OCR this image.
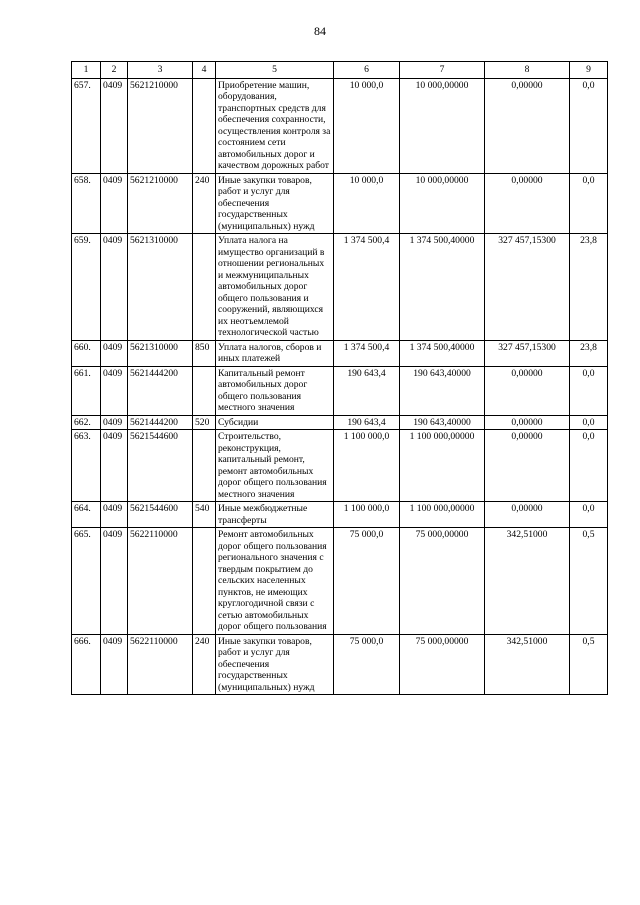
84
1	2	3	4	5	6	7	8	9
657.	0409	5621210000		Приобретение машин, оборудования, транспортных средств для обеспечения сохранности, осуществления контроля за состоянием сети автомобильных дорог и качеством дорожных работ	10 000,0	10 000,00000	0,00000	0,0
658.	0409	5621210000	240	Иные закупки товаров, работ и услуг для обеспечения государственных (муниципальных) нужд	10 000,0	10 000,00000	0,00000	0,0
659.	0409	5621310000		Уплата налога на имущество организаций в отношении региональных и межмуниципальных автомобильных дорог общего пользования и сооружений, являющихся их неотъемлемой технологической частью	1 374 500,4	1 374 500,40000	327 457,15300	23,8
660.	0409	5621310000	850	Уплата налогов, сборов и иных платежей	1 374 500,4	1 374 500,40000	327 457,15300	23,8
661.	0409	5621444200		Капитальный ремонт автомобильных дорог общего пользования местного значения	190 643,4	190 643,40000	0,00000	0,0
662.	0409	5621444200	520	Субсидии	190 643,4	190 643,40000	0,00000	0,0
663.	0409	5621544600		Строительство, реконструкция, капитальный ремонт, ремонт автомобильных дорог общего пользования местного значения	1 100 000,0	1 100 000,00000	0,00000	0,0
664.	0409	5621544600	540	Иные межбюджетные трансферты	1 100 000,0	1 100 000,00000	0,00000	0,0
665.	0409	5622110000		Ремонт автомобильных дорог общего пользования регионального значения с твердым покрытием до сельских населенных пунктов, не имеющих круглогодичной связи с сетью автомобильных дорог общего пользования	75 000,0	75 000,00000	342,51000	0,5
666.	0409	5622110000	240	Иные закупки товаров, работ и услуг для обеспечения государственных (муниципальных) нужд	75 000,0	75 000,00000	342,51000	0,5
